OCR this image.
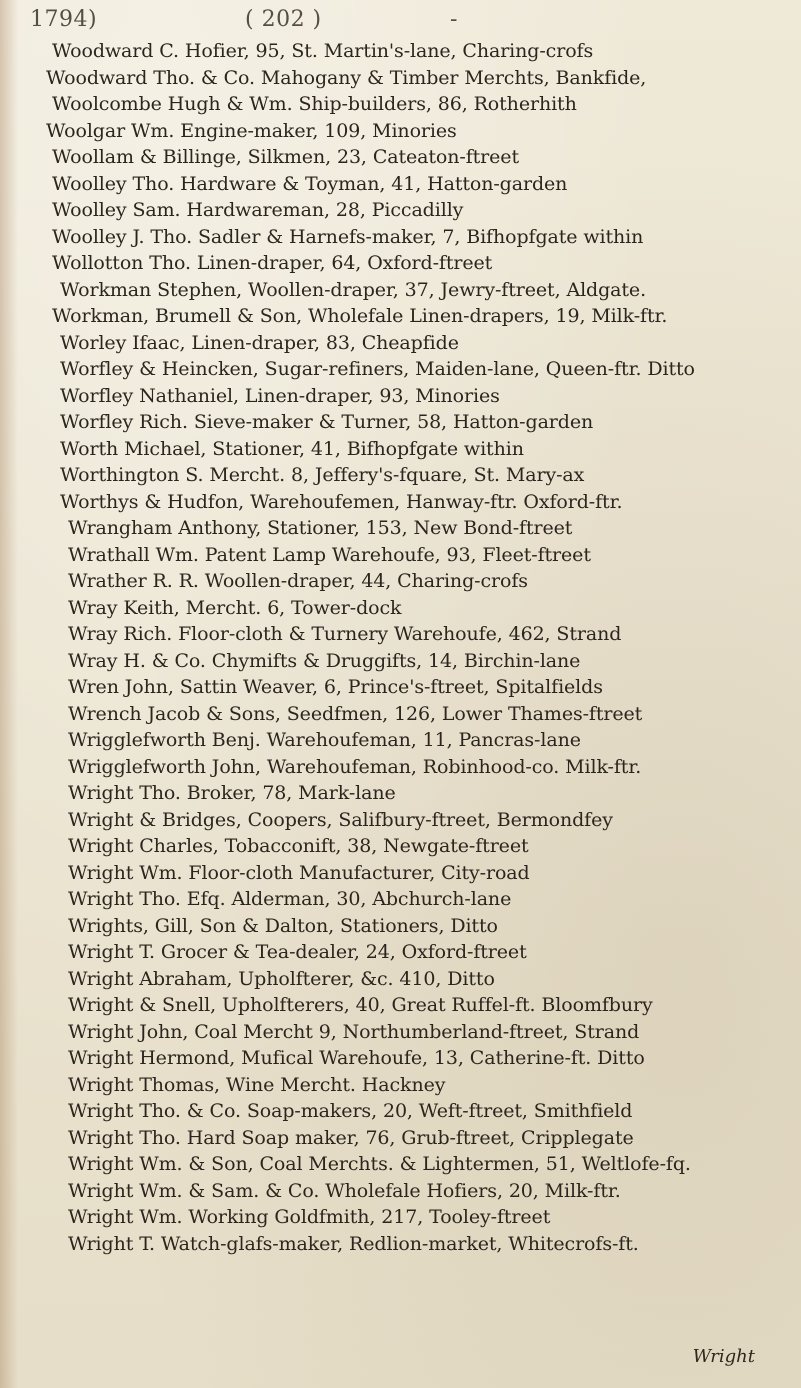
1794)	( 202 )	-
Woodward C. Hofier, 95, St. Martin's-lane, Charing-crofs
Woodward Tho. & Co. Mahogany & Timber Merchts, Bankfide,
Woolcombe Hugh & Wm. Ship-builders, 86, Rotherhith
Woolgar Wm. Engine-maker, 109, Minories
Woollam & Billinge, Silkmen, 23, Cateaton-ftreet
Woolley Tho. Hardware & Toyman, 41, Hatton-garden
Woolley Sam. Hardwareman, 28, Piccadilly
Woolley J. Tho. Sadler & Harnefs-maker, 7, Bifhopfgate within
Wollotton Tho. Linen-draper, 64, Oxford-ftreet
Workman Stephen, Woollen-draper, 37, Jewry-ftreet, Aldgate.
Workman, Brumell & Son, Wholefale Linen-drapers, 19, Milk-ftr.
Worley Ifaac, Linen-draper, 83, Cheapfide
Worfley & Heincken, Sugar-refiners, Maiden-lane, Queen-ftr. Ditto
Worfley Nathaniel, Linen-draper, 93, Minories
Worfley Rich. Sieve-maker & Turner, 58, Hatton-garden
Worth Michael, Stationer, 41, Bifhopfgate within
Worthington S. Mercht. 8, Jeffery's-fquare, St. Mary-ax
Worthys & Hudfon, Warehoufemen, Hanway-ftr. Oxford-ftr.
Wrangham Anthony, Stationer, 153, New Bond-ftreet
Wrathall Wm. Patent Lamp Warehoufe, 93, Fleet-ftreet
Wrather R. R. Woollen-draper, 44, Charing-crofs
Wray Keith, Mercht. 6, Tower-dock
Wray Rich. Floor-cloth & Turnery Warehoufe, 462, Strand
Wray H. & Co. Chymifts & Druggifts, 14, Birchin-lane
Wren John, Sattin Weaver, 6, Prince's-ftreet, Spitalfields
Wrench Jacob & Sons, Seedfmen, 126, Lower Thames-ftreet
Wrigglefworth Benj. Warehoufeman, 11, Pancras-lane
Wrigglefworth John, Warehoufeman, Robinhood-co. Milk-ftr.
Wright Tho. Broker, 78, Mark-lane
Wright & Bridges, Coopers, Salifbury-ftreet, Bermondfey
Wright Charles, Tobacconift, 38, Newgate-ftreet
Wright Wm. Floor-cloth Manufacturer, City-road
Wright Tho. Efq. Alderman, 30, Abchurch-lane
Wrights, Gill, Son & Dalton, Stationers, Ditto
Wright T. Grocer & Tea-dealer, 24, Oxford-ftreet
Wright Abraham, Upholfterer, &c. 410, Ditto
Wright & Snell, Upholfterers, 40, Great Ruffel-ft. Bloomfbury
Wright John, Coal Mercht 9, Northumberland-ftreet, Strand
Wright Hermond, Mufical Warehoufe, 13, Catherine-ft. Ditto
Wright Thomas, Wine Mercht. Hackney
Wright Tho. & Co. Soap-makers, 20, Weft-ftreet, Smithfield
Wright Tho. Hard Soap maker, 76, Grub-ftreet, Cripplegate
Wright Wm. & Son, Coal Merchts. & Lightermen, 51, Weltlofe-fq.
Wright Wm. & Sam. & Co. Wholefale Hofiers, 20, Milk-ftr.
Wright Wm. Working Goldfmith, 217, Tooley-ftreet
Wright T. Watch-glafs-maker, Redlion-market, Whitecrofs-ft.
Wright
